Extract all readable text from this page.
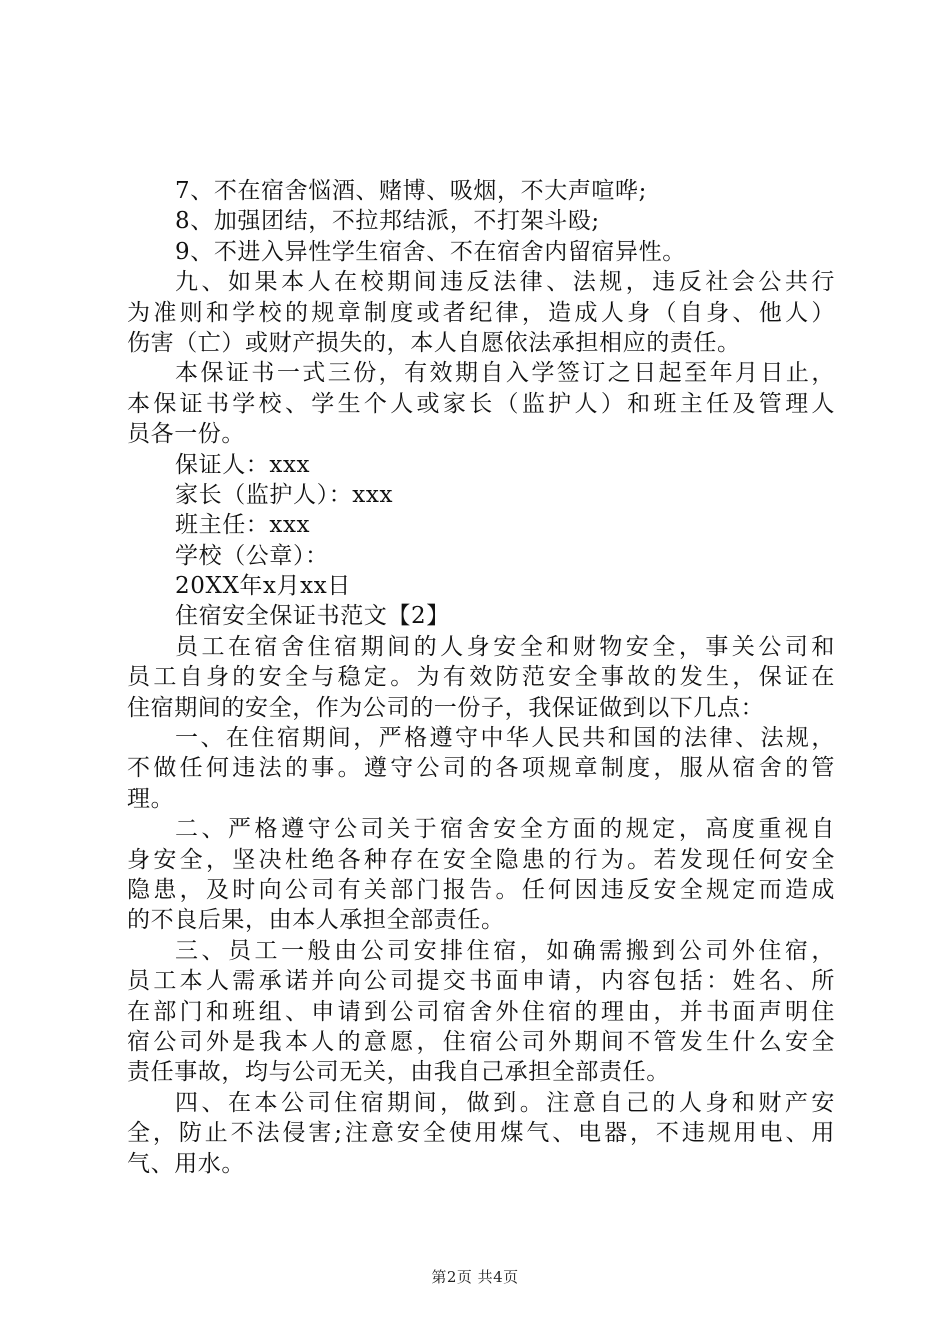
7、不在宿舍悩酒、赌博、吸烟，不大声喧哗;
8、加强团结，不拉邦结派，不打架斗殴;
9、不进入异性学生宿舍、不在宿舍内留宿异性。
九、如果本人在校期间违反法律、法规，违反社会公共行
为准则和学校的规章制度或者纪律，造成人身（自身、他人）
伤害（亡）或财产损失的，本人自愿依法承担相应的责任。
本保证书一式三份，有效期自入学签订之日起至年月日止，
本保证书学校、学生个人或家长（监护人）和班主任及管理人
员各一份。
保证人：xxx
家长（监护人）：xxx
班主任：xxx
学校（公章）：
20XX年x月xx日
住宿安全保证书范文【2】
员工在宿舍住宿期间的人身安全和财物安全，事关公司和
员工自身的安全与稳定。为有效防范安全事故的发生，保证在
住宿期间的安全，作为公司的一份子，我保证做到以下几点：
一、在住宿期间，严格遵守中华人民共和国的法律、法规，
不做任何违法的事。遵守公司的各项规章制度，服从宿舍的管
理。
二、严格遵守公司关于宿舍安全方面的规定，高度重视自
身安全，坚决杜绝各种存在安全隐患的行为。若发现任何安全
隐患，及时向公司有关部门报告。任何因违反安全规定而造成
的不良后果，由本人承担全部责任。
三、员工一般由公司安排住宿，如确需搬到公司外住宿，
员工本人需承诺并向公司提交书面申请，内容包括：姓名、所
在部门和班组、申请到公司宿舍外住宿的理由，并书面声明住
宿公司外是我本人的意愿，住宿公司外期间不管发生什么安全
责任事故，均与公司无关，由我自己承担全部责任。
四、在本公司住宿期间，做到。注意自己的人身和财产安
全，防止不法侵害;注意安全使用煤气、电器，不违规用电、用
气、用水。
第2页 共4页
